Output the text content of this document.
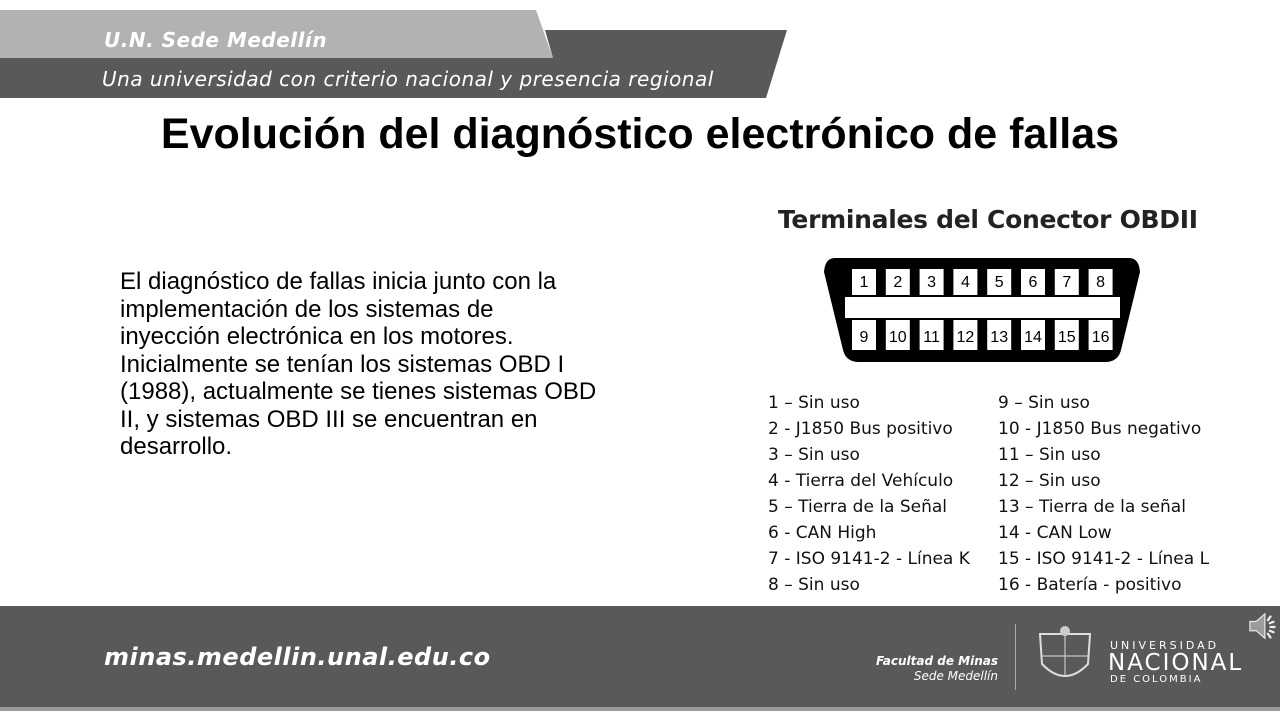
U.N. Sede Medellín
Una universidad con criterio nacional y presencia regional
Evolución del diagnóstico electrónico de fallas
El diagnóstico de fallas inicia junto con la implementación de los sistemas de inyección electrónica en los motores. Inicialmente se tenían los sistemas OBD I (1988), actualmente se tienes sistemas OBD II, y sistemas OBD III se encuentran en desarrollo.
Terminales del Conector OBDII
1
9
2
10
3
11
4
12
5
13
6
14
7
15
8
16
1 – Sin uso
2 - J1850 Bus positivo
3 – Sin uso
4 - Tierra del Vehículo
5 – Tierra de la Señal
6 - CAN High
7 - ISO 9141-2 - Línea K
8 – Sin uso
9 – Sin uso
10 - J1850 Bus negativo
11 – Sin uso
12 – Sin uso
13 – Tierra de la señal
14 - CAN Low
15 - ISO 9141-2 - Línea L
16 - Batería - positivo
minas.medellin.unal.edu.co	Facultad de Minas
Sede Medellín
UNIVERSIDAD
NACIONAL
DE COLOMBIA
